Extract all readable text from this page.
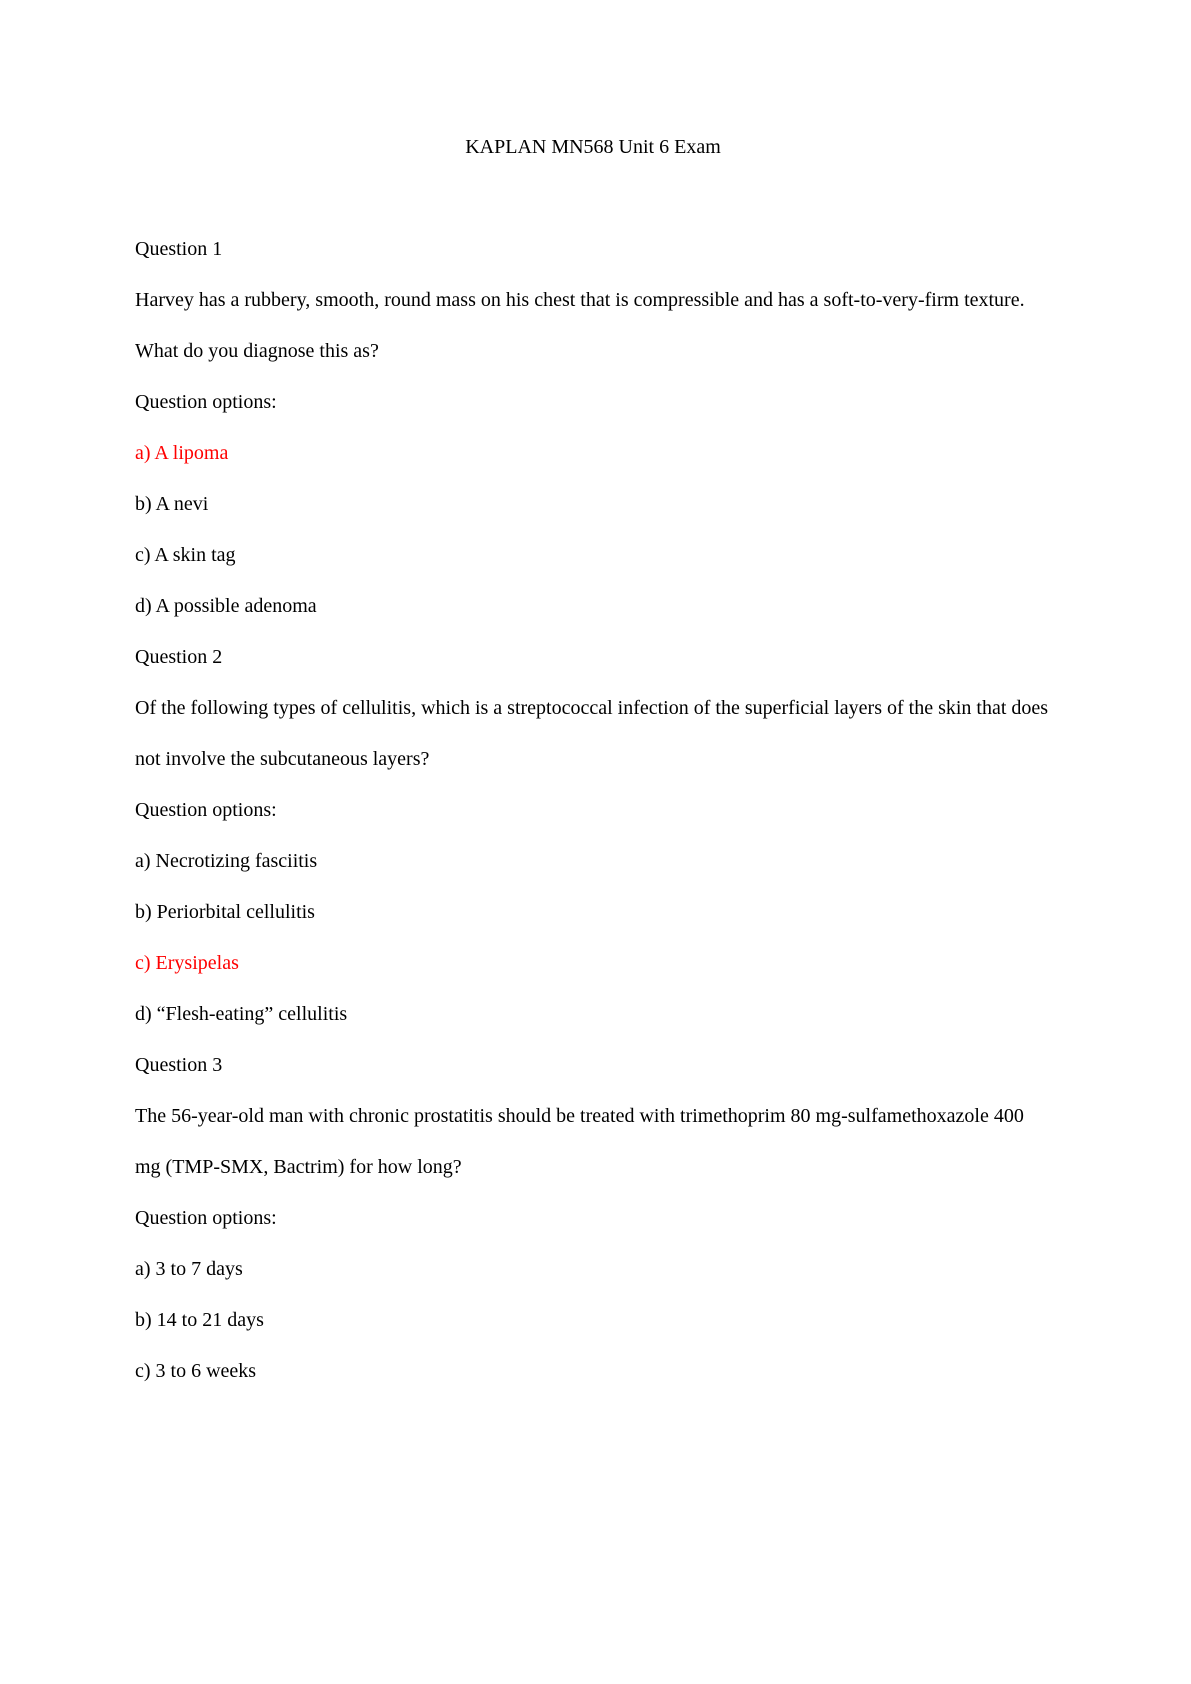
KAPLAN MN568 Unit 6 Exam

Question 1

Harvey has a rubbery, smooth, round mass on his chest that is compressible and has a soft-to-very-firm texture. What do you diagnose this as?

Question options:

a) A lipoma

b) A nevi

c) A skin tag

d) A possible adenoma

Question 2

Of the following types of cellulitis, which is a streptococcal infection of the superficial layers of the skin that does not involve the subcutaneous layers?

Question options:

a) Necrotizing fasciitis

b) Periorbital cellulitis

c) Erysipelas

d) “Flesh-eating” cellulitis

Question 3

The 56-year-old man with chronic prostatitis should be treated with trimethoprim 80 mg-sulfamethoxazole 400 mg (TMP-SMX, Bactrim) for how long?

Question options:

a) 3 to 7 days

b) 14 to 21 days

c) 3 to 6 weeks
